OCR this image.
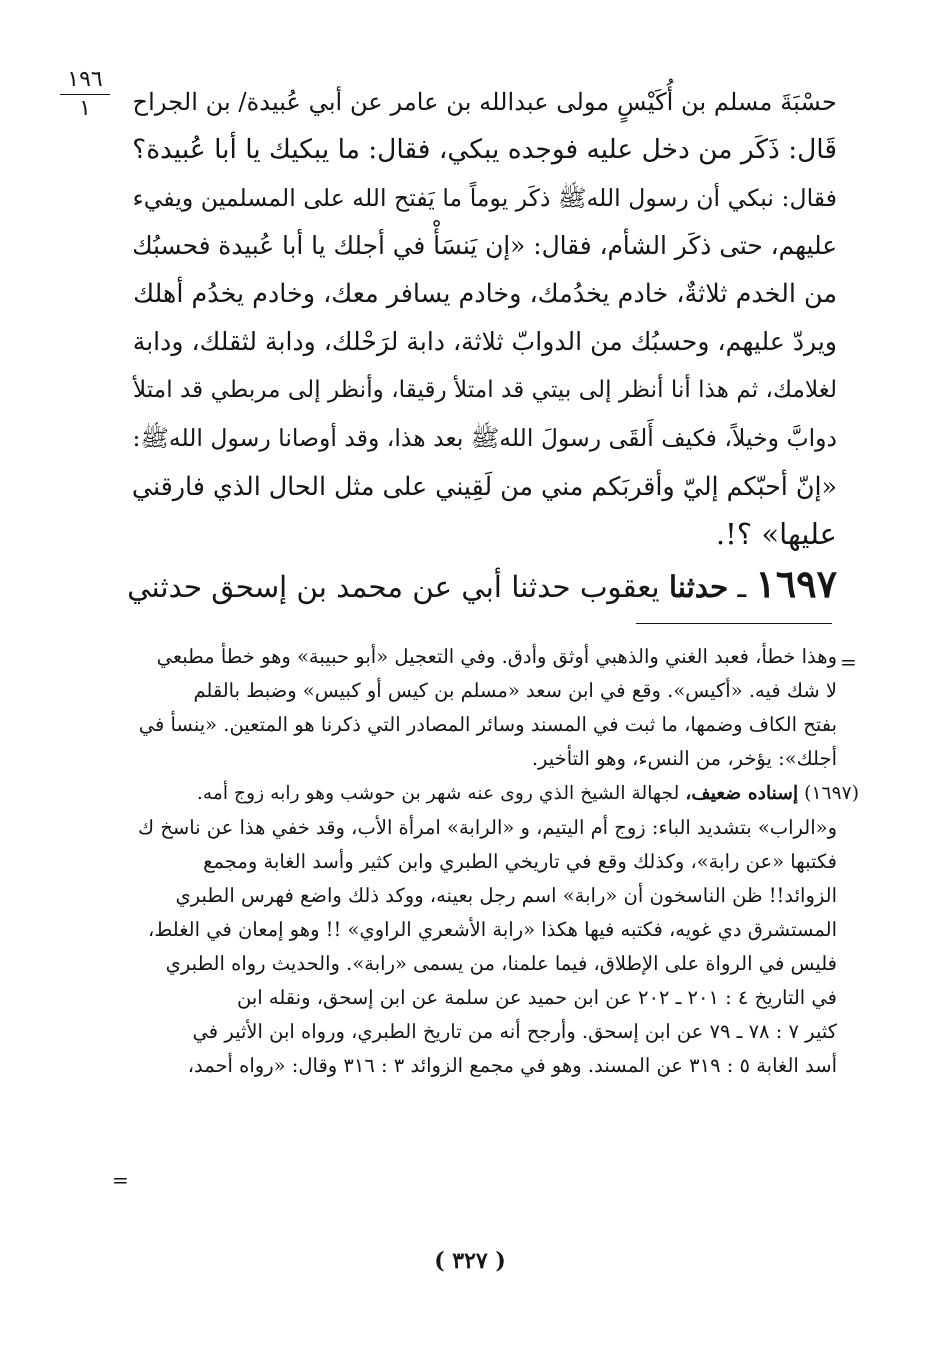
١٩٦
١	حسْبَةَ مسلم بن أُكَيْسٍ مولى عبدالله بن عامر عن أبي عُبيدة/ بن الجراح
قَال: ذَكَر من دخل عليه فوجده يبكي، فقال: ما يبكيك يا أبا عُبيدة؟
فقال: نبكي أن رسول اللهﷺ ذكَر يوماً ما يَفتح الله على المسلمين ويفيء
عليهم، حتى ذكَر الشأم، فقال: «إن يَنسَأْ في أجلك يا أبا عُبيدة فحسبُك
من الخدم ثلاثةٌ، خادم يخدُمك، وخادم يسافر معك، وخادم يخدُم أهلك
ويردّ عليهم، وحسبُك من الدوابّ ثلاثة، دابة لرَحْلك، ودابة لثقلك، ودابة
لغلامك، ثم هذا أنا أنظر إلى بيتي قد امتلأ رقيقا، وأنظر إلى مربطي قد امتلأ
دوابَّ وخيلاً، فكيف أَلقَى رسولَ اللهﷺ بعد هذا، وقد أوصانا رسول اللهﷺ:
«إنّ أحبّكم إليّ وأقربَكم مني من لَقِيني على مثل الحال الذي فارقني
عليها» ؟!.
١٦٩٧ ـ حدثنا يعقوب حدثنا أبي عن محمد بن إسحق حدثني
=
وهذا خطأ، فعبد الغني والذهبي أوثق وأدق. وفي التعجيل «أبو حبيبة» وهو خطأ مطبعي
لا شك فيه. «أكيس». وقع في ابن سعد «مسلم بن كيس أو كبيس» وضبط بالقلم
بفتح الكاف وضمها، ما ثبت في المسند وسائر المصادر التي ذكرنا هو المتعين. «ينسأ في
أجلك»: يؤخر، من النسء، وهو التأخير.
(١٦٩٧) إسناده ضعيف، لجهالة الشيخ الذي روى عنه شهر بن حوشب وهو رابه زوج أمه.
و«الراب» بتشديد الباء: زوج أم اليتيم، و «الرابة» امرأة الأب، وقد خفي هذا عن ناسخ ك
فكتبها «عن رابة»، وكذلك وقع في تاريخي الطبري وابن كثير وأسد الغابة ومجمع
الزوائد!! ظن الناسخون أن «رابة» اسم رجل بعينه، ووكد ذلك واضع فهرس الطبري
المستشرق دي غويه، فكتبه فيها هكذا «رابة الأشعري الراوي» !! وهو إمعان في الغلط،
فليس في الرواة على الإطلاق، فيما علمنا، من يسمى «رابة». والحديث رواه الطبري
في التاريخ ٤ : ٢٠١ ـ ٢٠٢ عن ابن حميد عن سلمة عن ابن إسحق، ونقله ابن
كثير ٧ : ٧٨ ـ ٧٩ عن ابن إسحق. وأرجح أنه من تاريخ الطبري، ورواه ابن الأثير في
أسد الغابة ٥ : ٣١٩ عن المسند. وهو في مجمع الزوائد ٣ : ٣١٦ وقال: «رواه أحمد،
=
( ٣٢٧ )
